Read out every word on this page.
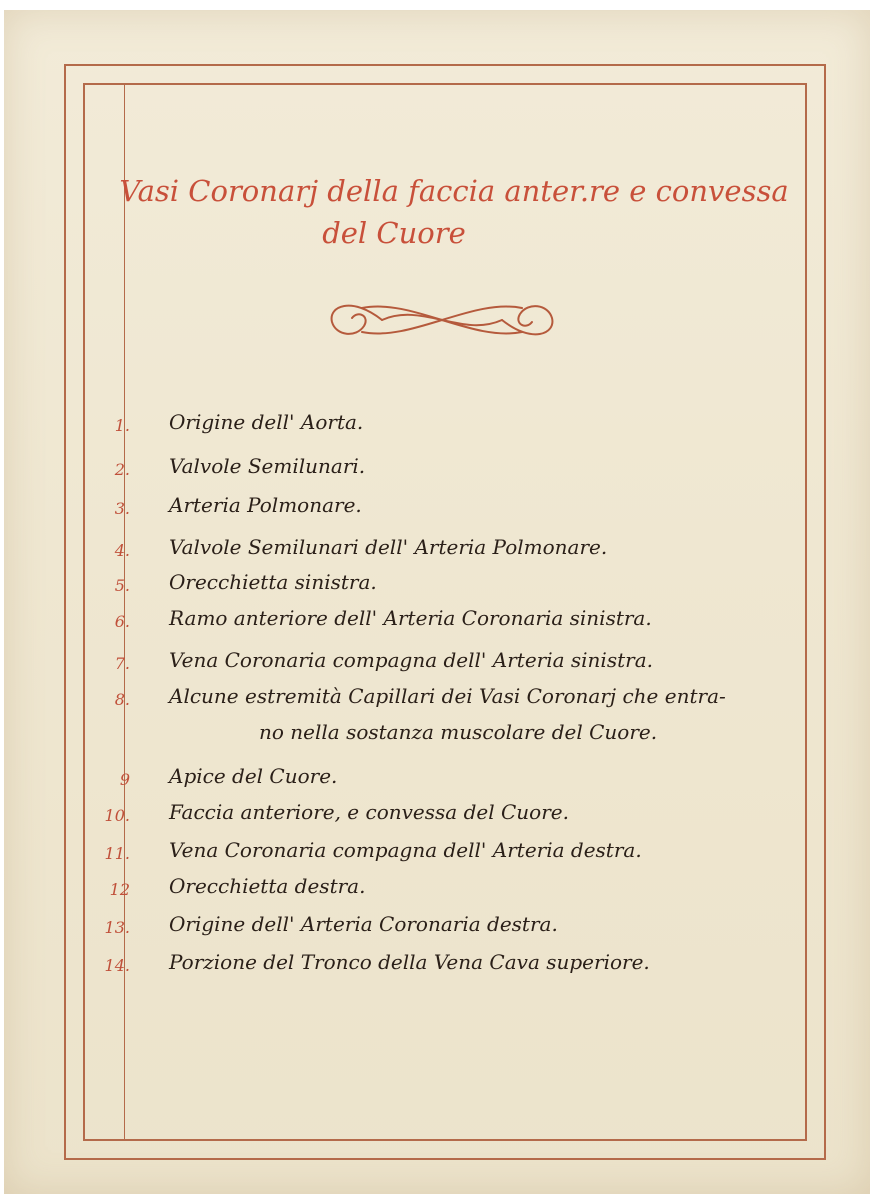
Vasi Coronarj della faccia anter.re e convessa
del Cuore
1. Origine dell' Aorta.
2. Valvole Semilunari.
3. Arteria Polmonare.
4. Valvole Semilunari dell' Arteria Polmonare.
5. Orecchietta sinistra.
6. Ramo anteriore dell' Arteria Coronaria sinistra.
7. Vena Coronaria compagna dell' Arteria sinistra.
8. Alcune estremità Capillari dei Vasi Coronarj che entra-
no nella sostanza muscolare del Cuore.
9 Apice del Cuore.
10. Faccia anteriore, e convessa del Cuore.
11. Vena Coronaria compagna dell' Arteria destra.
12 Orecchietta destra.
13. Origine dell' Arteria Coronaria destra.
14. Porzione del Tronco della Vena Cava superiore.
